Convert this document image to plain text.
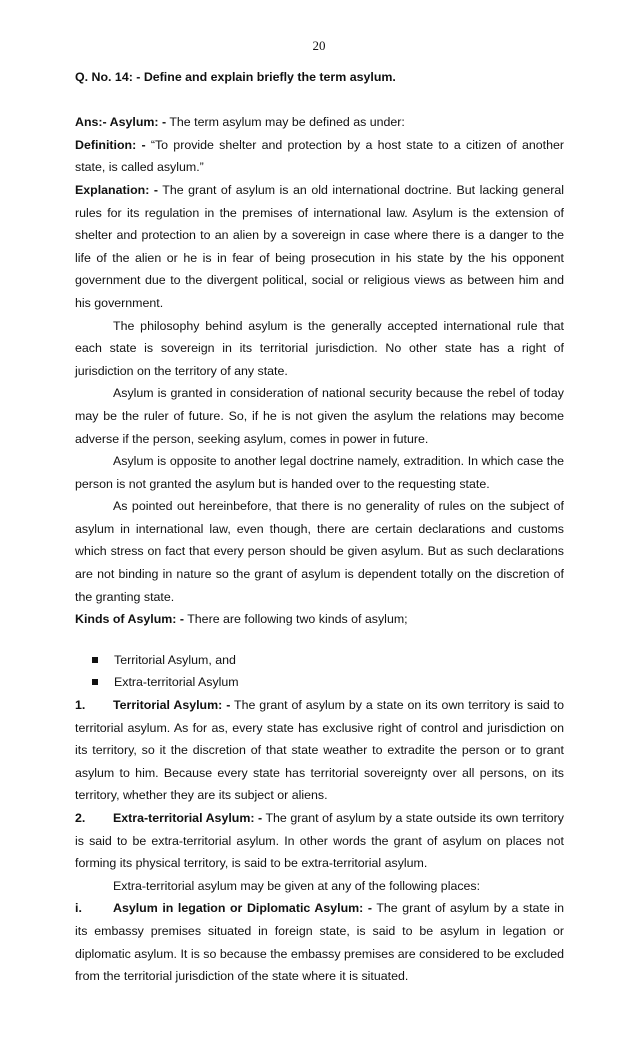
20

Q. No. 14: - Define and explain briefly the term asylum.

Ans:- Asylum: - The term asylum may be defined as under:

Definition: - “To provide shelter and protection by a host state to a citizen of another state, is called asylum.”

Explanation: - The grant of asylum is an old international doctrine. But lacking general rules for its regulation in the premises of international law. Asylum is the extension of shelter and protection to an alien by a sovereign in case where there is a danger to the life of the alien or he is in fear of being prosecution in his state by the his opponent government due to the divergent political, social or religious views as between him and his government.

The philosophy behind asylum is the generally accepted international rule that each state is sovereign in its territorial jurisdiction. No other state has a right of jurisdiction on the territory of any state.

Asylum is granted in consideration of national security because the rebel of today may be the ruler of future. So, if he is not given the asylum the relations may become adverse if the person, seeking asylum, comes in power in future.

Asylum is opposite to another legal doctrine namely, extradition. In which case the person is not granted the asylum but is handed over to the requesting state.

As pointed out hereinbefore, that there is no generality of rules on the subject of asylum in international law, even though, there are certain declarations and customs which stress on fact that every person should be given asylum. But as such declarations are not binding in nature so the grant of asylum is dependent totally on the discretion of the granting state.

Kinds of Asylum: - There are following two kinds of asylum;

Territorial Asylum, and
Extra-territorial Asylum

1. Territorial Asylum: - The grant of asylum by a state on its own territory is said to territorial asylum. As for as, every state has exclusive right of control and jurisdiction on its territory, so it the discretion of that state weather to extradite the person or to grant asylum to him. Because every state has territorial sovereignty over all persons, on its territory, whether they are its subject or aliens.

2. Extra-territorial Asylum: - The grant of asylum by a state outside its own territory is said to be extra-territorial asylum. In other words the grant of asylum on places not forming its physical territory, is said to be extra-territorial asylum.

Extra-territorial asylum may be given at any of the following places:

i.	Asylum in legation or Diplomatic Asylum: - The grant of asylum by a state in its embassy premises situated in foreign state, is said to be asylum in legation or diplomatic asylum. It is so because the embassy premises are considered to be excluded from the territorial jurisdiction of the state where it is situated.
